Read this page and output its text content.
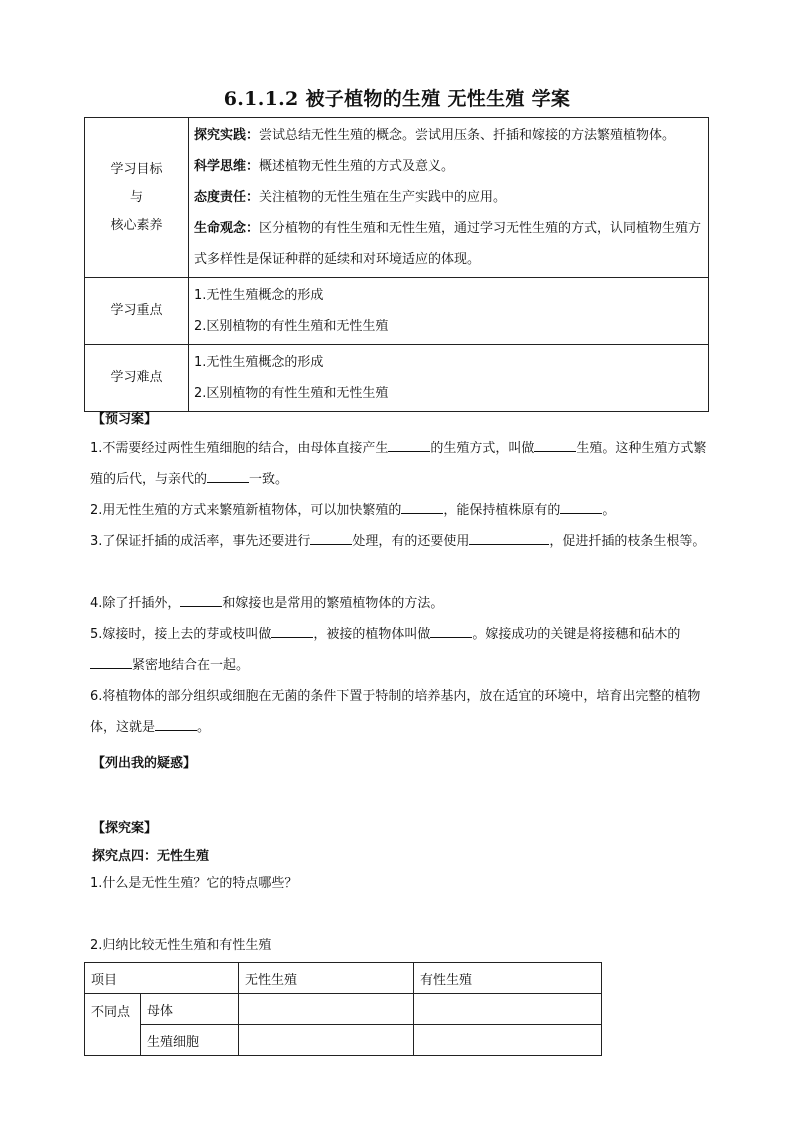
6.1.1.2 被子植物的生殖 无性生殖 学案
学习目标
与
核心素养	探究实践：尝试总结无性生殖的概念。尝试用压条、扦插和嫁接的方法繁殖植物体。
科学思维：概述植物无性生殖的方式及意义。
态度责任：关注植物的无性生殖在生产实践中的应用。
生命观念：区分植物的有性生殖和无性生殖，通过学习无性生殖的方式，认同植物生殖方式多样性是保证种群的延续和对环境适应的体现。

学习重点	1.无性生殖概念的形成
2.区别植物的有性生殖和无性生殖

学习难点	1.无性生殖概念的形成
2.区别植物的有性生殖和无性生殖
【预习案】

1.不需要经过两性生殖细胞的结合，由母体直接产生	的生殖方式，叫做	生殖。这种生殖方式繁殖的后代，与亲代的	一致。

2.用无性生殖的方式来繁殖新植物体，可以加快繁殖的	，能保持植株原有的	。

3.了保证扦插的成活率，事先还要进行	处理，有的还要使用	，促进扦插的枝条生根等。

4.除了扦插外，	和嫁接也是常用的繁殖植物体的方法。

5.嫁接时，接上去的芽或枝叫做	，被接的植物体叫做	。嫁接成功的关键是将接穗和砧木的紧密地结合在一起。

6.将植物体的部分组织或细胞在无菌的条件下置于特制的培养基内，放在适宜的环境中，培育出完整的植物体，这就是	。

【列出我的疑惑】
【探究案】
探究点四：无性生殖

1.什么是无性生殖？它的特点哪些？

2.归纳比较无性生殖和有性生殖

项目		无性生殖	有性生殖
不同点	母体		
	生殖细胞		
